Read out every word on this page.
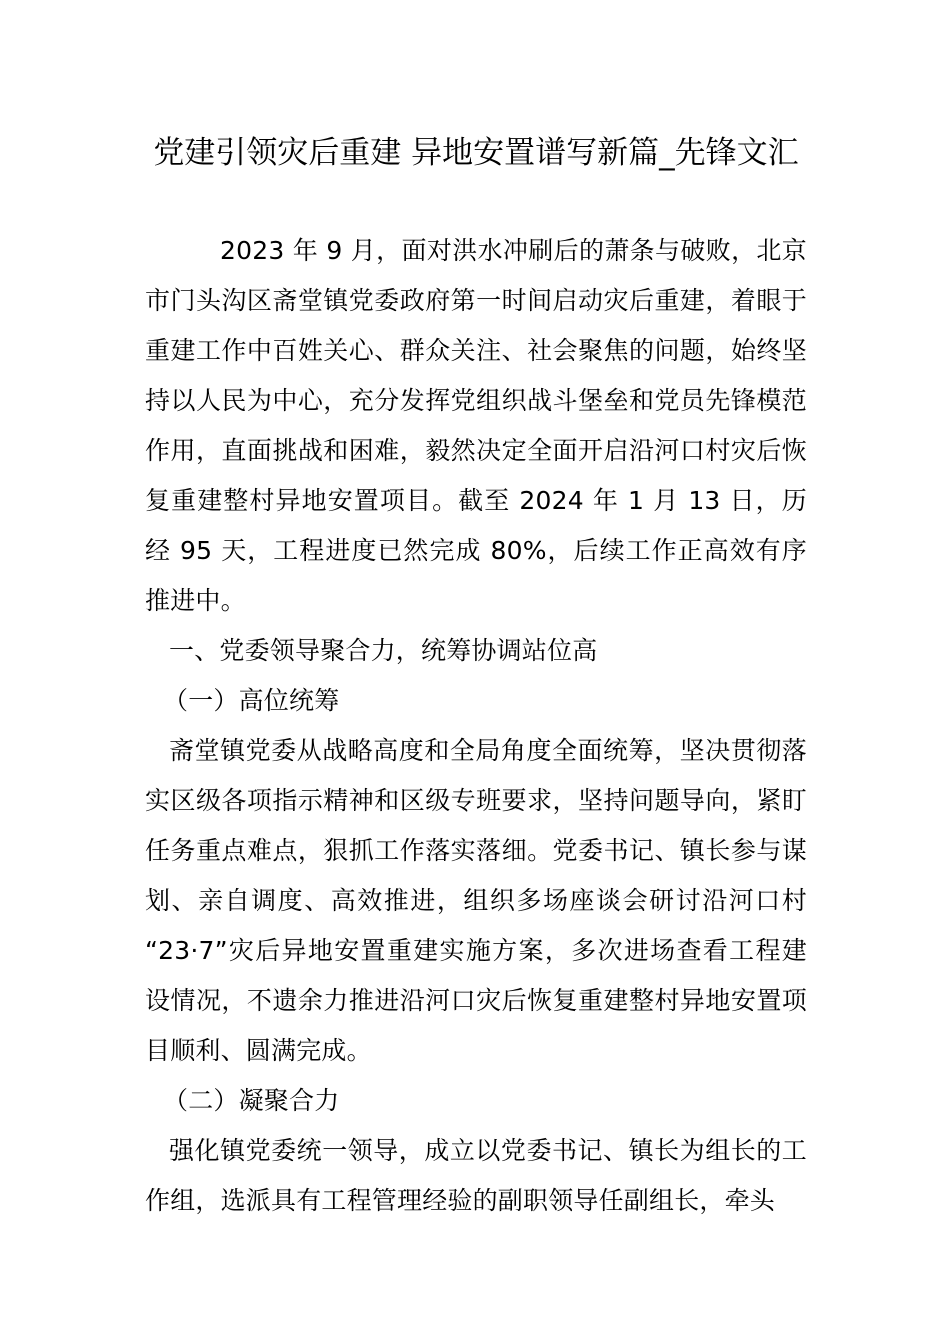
党建引领灾后重建 异地安置谱写新篇_先锋文汇

2023 年 9 月，面对洪水冲刷后的萧条与破败，北京市门头沟区斋堂镇党委政府第一时间启动灾后重建，着眼于重建工作中百姓关心、群众关注、社会聚焦的问题，始终坚持以人民为中心，充分发挥党组织战斗堡垒和党员先锋模范作用，直面挑战和困难，毅然决定全面开启沿河口村灾后恢复重建整村异地安置项目。截至 2024 年 1 月 13 日，历经 95 天，工程进度已然完成 80%，后续工作正高效有序推进中。

一、党委领导聚合力，统筹协调站位高

（一）高位统筹

斋堂镇党委从战略高度和全局角度全面统筹，坚决贯彻落实区级各项指示精神和区级专班要求，坚持问题导向，紧盯任务重点难点，狠抓工作落实落细。党委书记、镇长参与谋划、亲自调度、高效推进，组织多场座谈会研讨沿河口村 “23·7”灾后异地安置重建实施方案，多次进场查看工程建设情况，不遗余力推进沿河口灾后恢复重建整村异地安置项目顺利、圆满完成。

（二）凝聚合力

强化镇党委统一领导，成立以党委书记、镇长为组长的工作组，选派具有工程管理经验的副职领导任副组长，牵头
